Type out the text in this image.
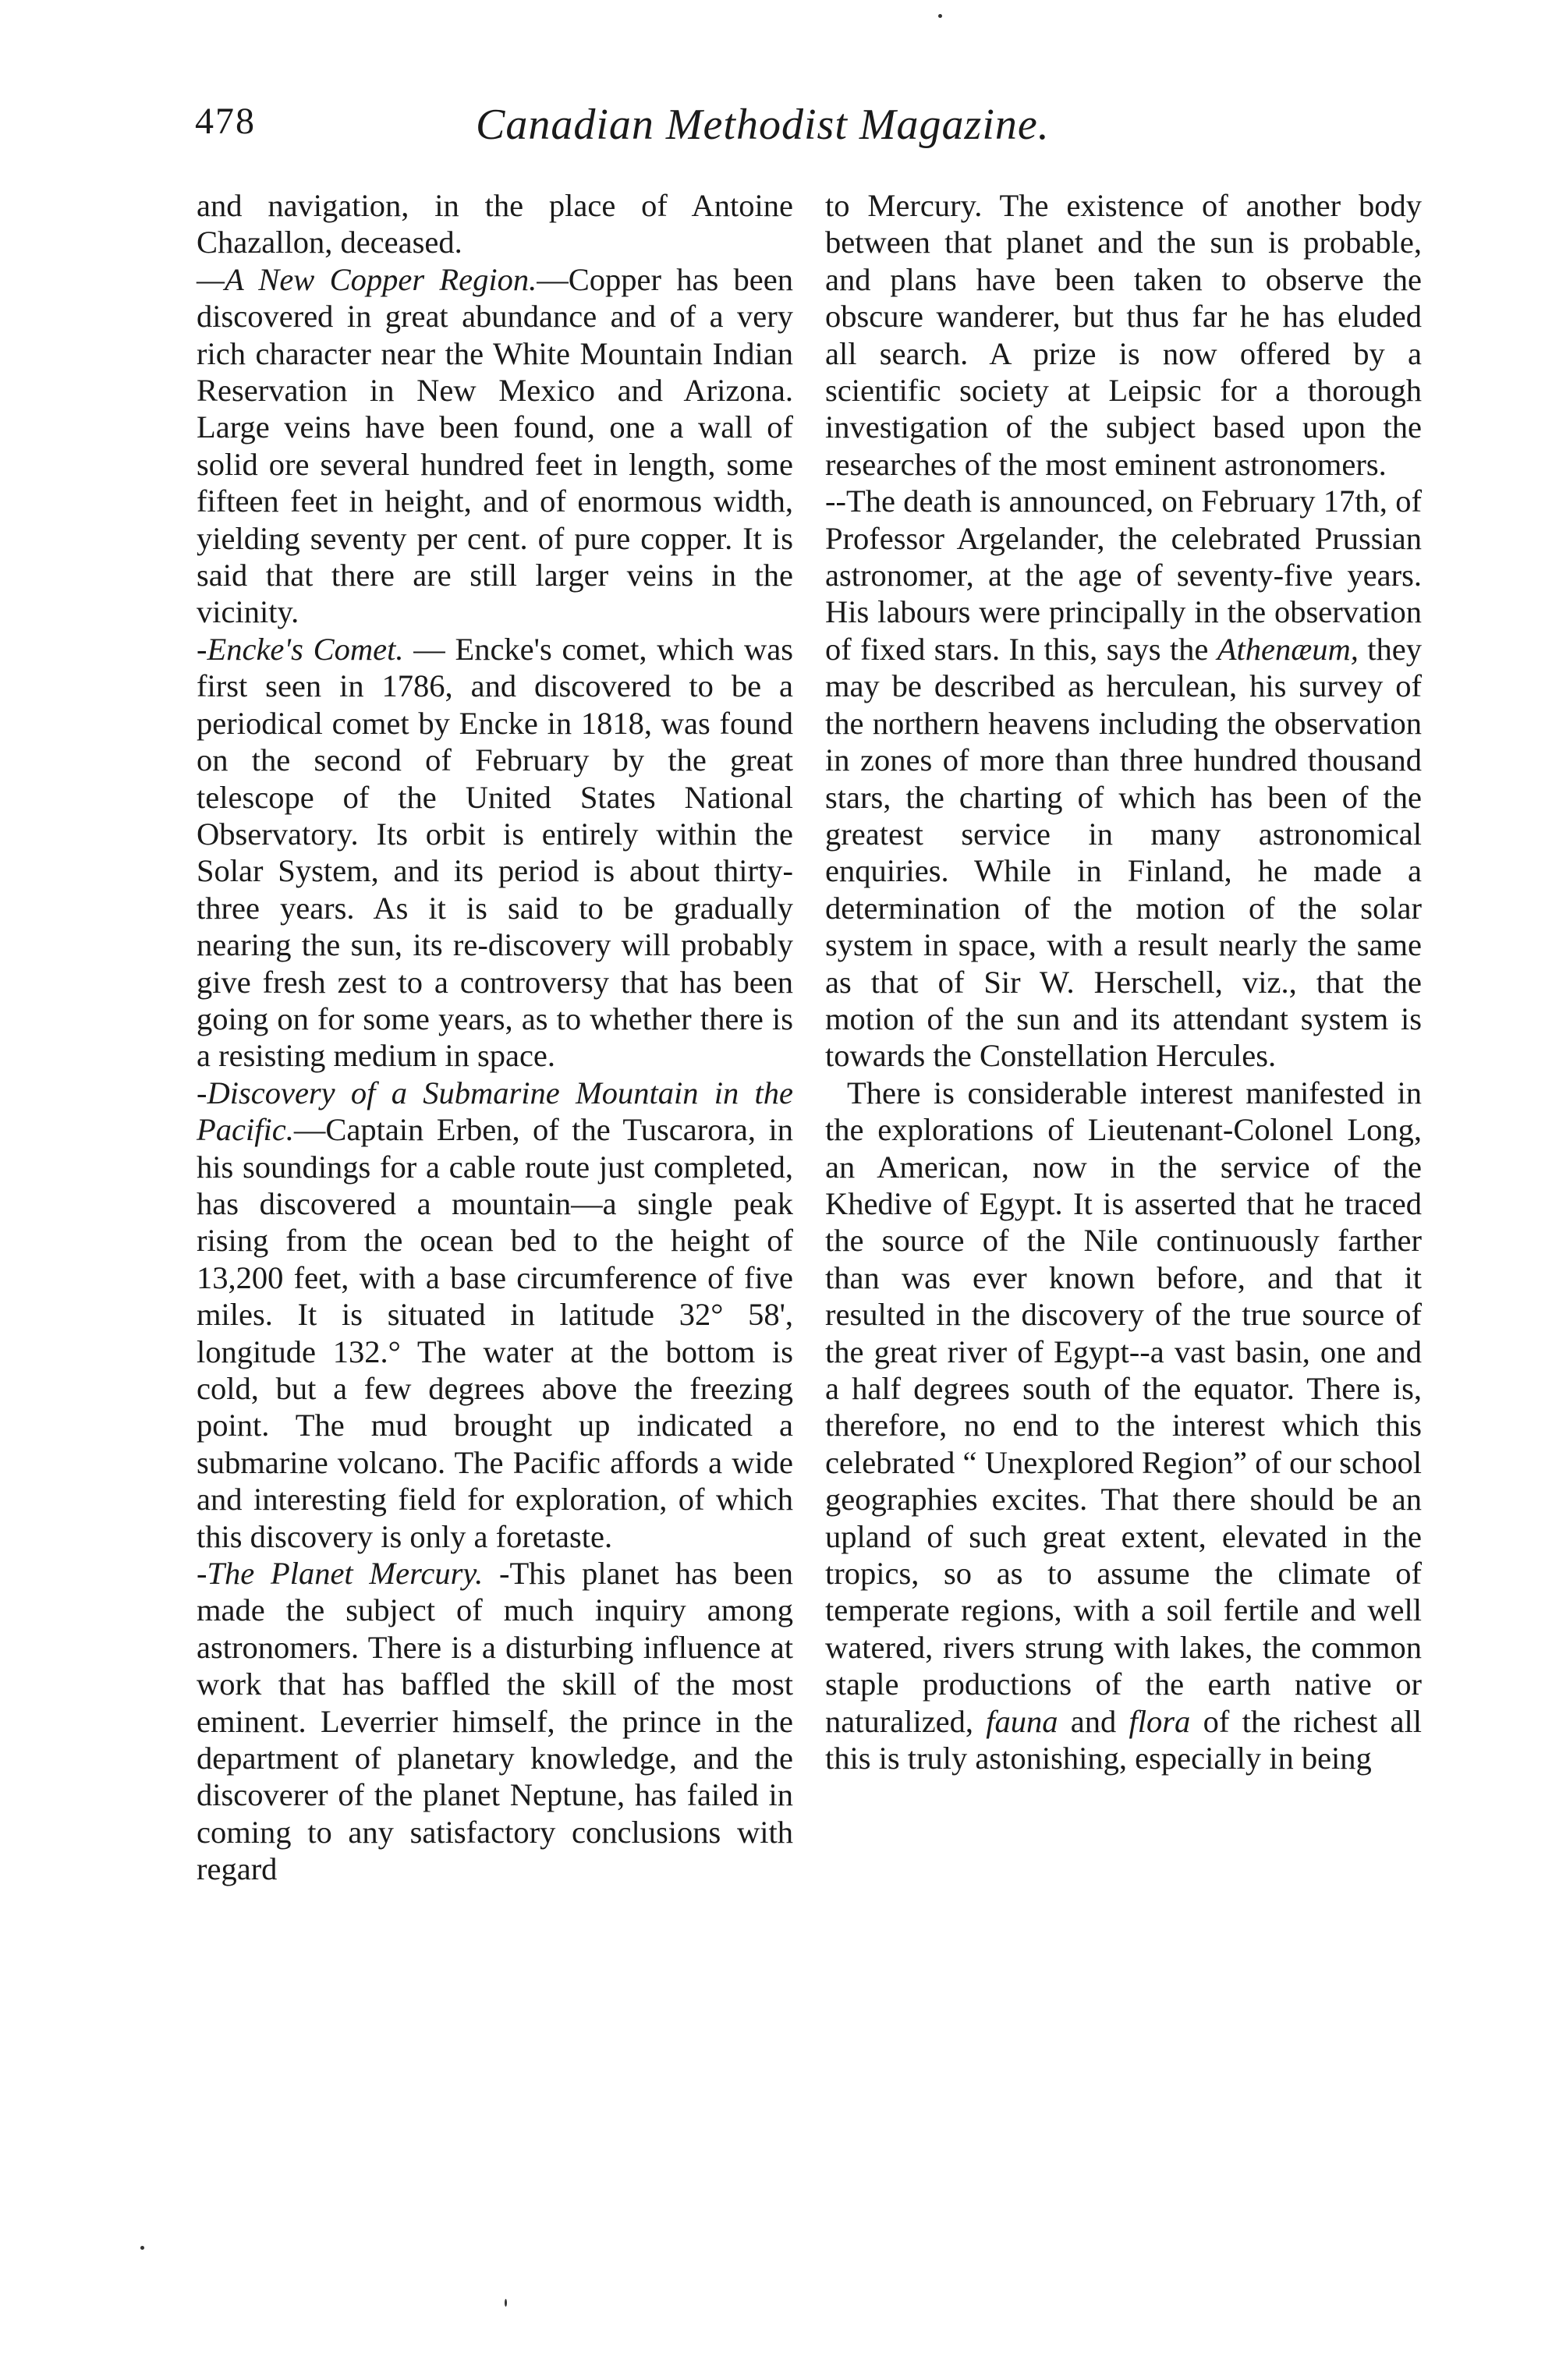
478	Canadian Methodist Magazine.

and navigation, in the place of Antoine Chazallon, deceased.

—A New Copper Region.—Copper has been discovered in great abundance and of a very rich character near the White Mountain Indian Reservation in New Mexico and Arizona. Large veins have been found, one a wall of solid ore several hundred feet in length, some fifteen feet in height, and of enormous width, yielding seventy per cent. of pure copper. It is said that there are still larger veins in the vicinity.

-Encke's Comet. — Encke's comet, which was first seen in 1786, and discovered to be a periodical comet by Encke in 1818, was found on the second of February by the great telescope of the United States National Observatory. Its orbit is entirely within the Solar System, and its period is about thirty-three years. As it is said to be gradually nearing the sun, its re-discovery will probably give fresh zest to a controversy that has been going on for some years, as to whether there is a resisting medium in space.

-Discovery of a Submarine Mountain in the Pacific.—Captain Erben, of the Tuscarora, in his soundings for a cable route just completed, has discovered a mountain—a single peak rising from the ocean bed to the height of 13,200 feet, with a base circumference of five miles. It is situated in latitude 32° 58', longitude 132.° The water at the bottom is cold, but a few degrees above the freezing point. The mud brought up indicated a submarine volcano. The Pacific affords a wide and interesting field for exploration, of which this discovery is only a foretaste.

-The Planet Mercury. -This planet has been made the subject of much inquiry among astronomers. There is a disturbing influence at work that has baffled the skill of the most eminent. Leverrier himself, the prince in the department of planetary knowledge, and the discoverer of the planet Neptune, has failed in coming to any satisfactory conclusions with regard

to Mercury. The existence of another body between that planet and the sun is probable, and plans have been taken to observe the obscure wanderer, but thus far he has eluded all search. A prize is now offered by a scientific society at Leipsic for a thorough investigation of the subject based upon the researches of the most eminent astronomers.

--The death is announced, on February 17th, of Professor Argelander, the celebrated Prussian astronomer, at the age of seventy-five years. His labours were principally in the observation of fixed stars. In this, says the Athenæum, they may be described as herculean, his survey of the northern heavens including the observation in zones of more than three hundred thousand stars, the charting of which has been of the greatest service in many astronomical enquiries. While in Finland, he made a determination of the motion of the solar system in space, with a result nearly the same as that of Sir W. Herschell, viz., that the motion of the sun and its attendant system is towards the Constellation Hercules.

There is considerable interest manifested in the explorations of Lieutenant-Colonel Long, an American, now in the service of the Khedive of Egypt. It is asserted that he traced the source of the Nile continuously farther than was ever known before, and that it resulted in the discovery of the true source of the great river of Egypt--a vast basin, one and a half degrees south of the equator. There is, therefore, no end to the interest which this celebrated “ Unexplored Region” of our school geographies excites. That there should be an upland of such great extent, elevated in the tropics, so as to assume the climate of temperate regions, with a soil fertile and well watered, rivers strung with lakes, the common staple productions of the earth native or naturalized, fauna and flora of the richest all this is truly astonishing, especially in being
